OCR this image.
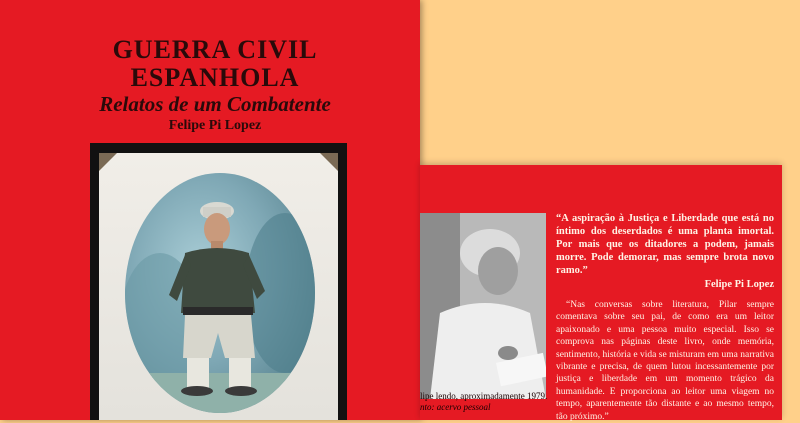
GUERRA CIVIL
ESPANHOLA
Relatos de um Combatente

Felipe Pi Lopez

lipe lendo, aproximadamente 1979.
nto: acervo pessoal

“A aspiração à Justiça e Liberdade que está no íntimo dos deserdados é uma planta imortal. Por mais que os ditadores a podem, jamais morre. Pode demorar, mas sempre brota novo ramo.”

Felipe Pi Lopez

“Nas conversas sobre literatura, Pilar sempre comentava sobre seu pai, de como era um leitor apaixonado e uma pessoa muito especial. Isso se comprova nas páginas deste livro, onde memória, sentimento, história e vida se misturam em uma narrativa vibrante e precisa, de quem lutou incessantemente por justiça e liberdade em um momento trágico da humanidade. E proporciona ao leitor uma viagem no tempo, aparentemente tão distante e ao mesmo tempo, tão próximo.”
